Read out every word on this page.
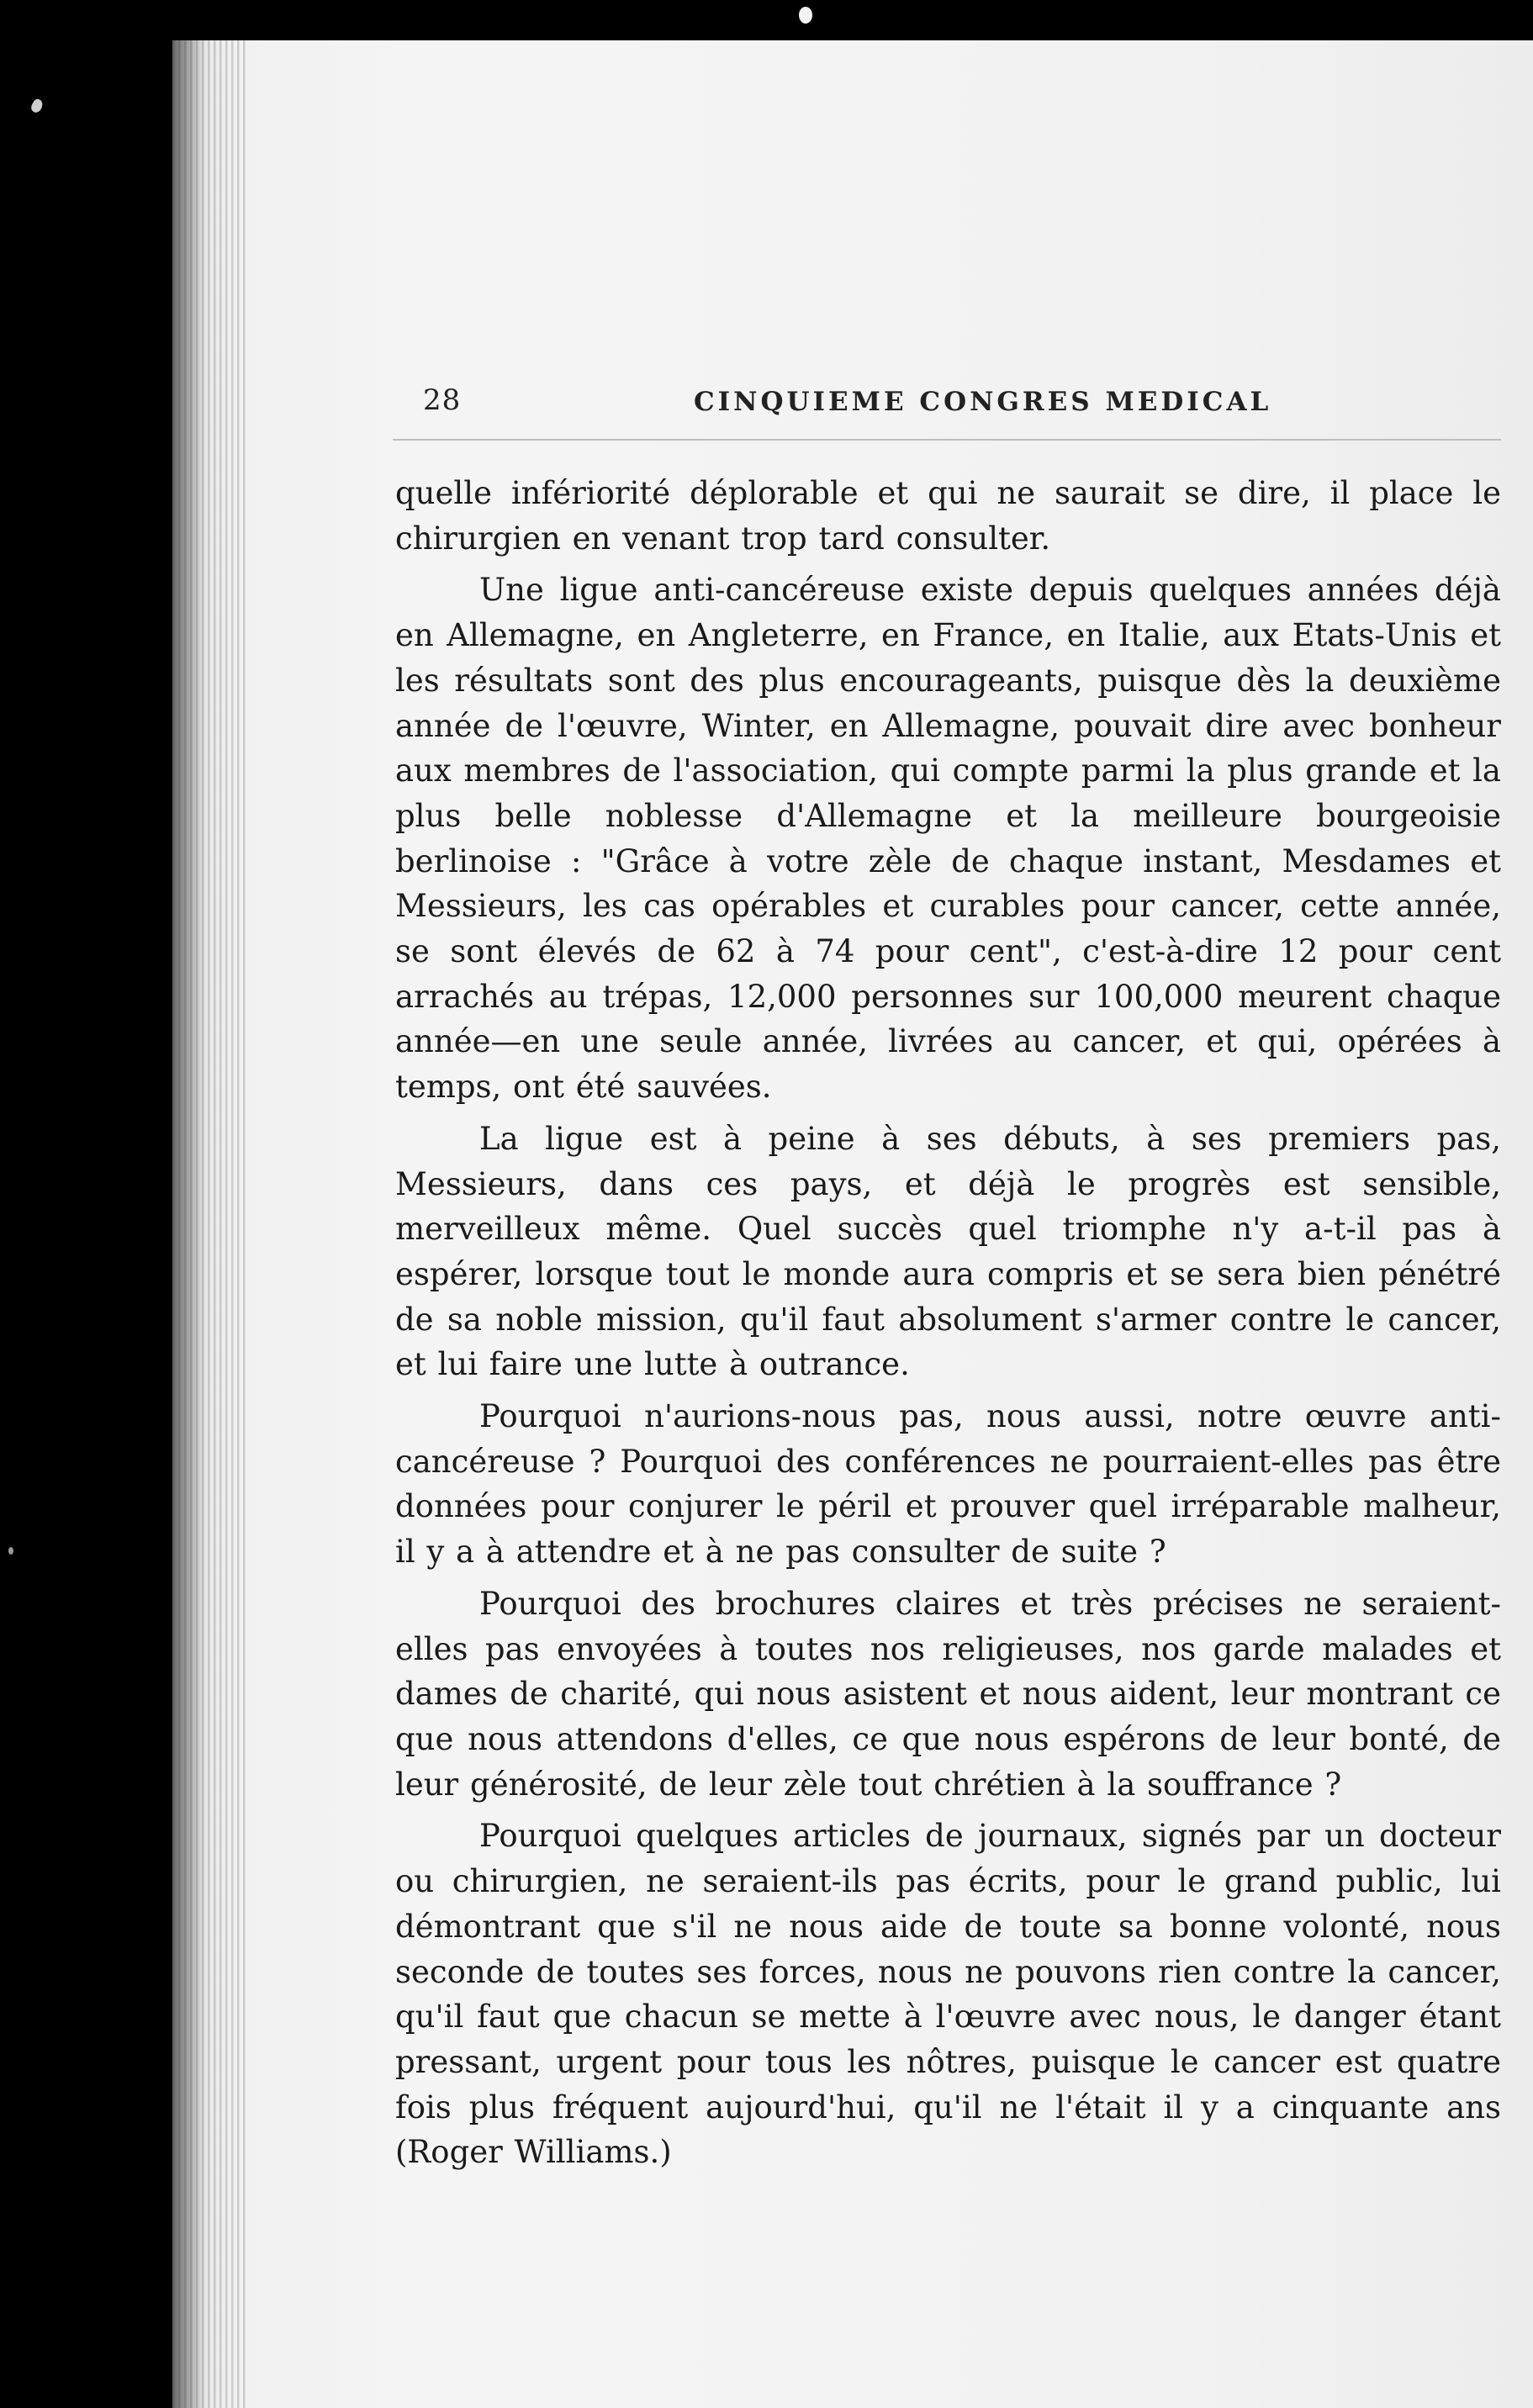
28	CINQUIEME CONGRES MEDICAL

quelle infériorité déplorable et qui ne saurait se dire, il place le chirurgien en venant trop tard consulter.

Une ligue anti-cancéreuse existe depuis quelques années déjà en Allemagne, en Angleterre, en France, en Italie, aux Etats-Unis et les résultats sont des plus encourageants, puisque dès la deuxième année de l'œuvre, Winter, en Allemagne, pouvait dire avec bonheur aux membres de l'association, qui compte parmi la plus grande et la plus belle noblesse d'Allemagne et la meilleure bourgeoisie berlinoise : "Grâce à votre zèle de chaque instant, Mesdames et Messieurs, les cas opérables et curables pour cancer, cette année, se sont élevés de 62 à 74 pour cent", c'est-à-dire 12 pour cent arrachés au trépas, 12,000 personnes sur 100,000 meurent chaque année—en une seule année, livrées au cancer, et qui, opérées à temps, ont été sauvées.

La ligue est à peine à ses débuts, à ses premiers pas, Messieurs, dans ces pays, et déjà le progrès est sensible, merveilleux même. Quel succès quel triomphe n'y a-t-il pas à espérer, lorsque tout le monde aura compris et se sera bien pénétré de sa noble mission, qu'il faut absolument s'armer contre le cancer, et lui faire une lutte à outrance.

Pourquoi n'aurions-nous pas, nous aussi, notre œuvre anti-cancéreuse ? Pourquoi des conférences ne pourraient-elles pas être données pour conjurer le péril et prouver quel irréparable malheur, il y a à attendre et à ne pas consulter de suite ?

Pourquoi des brochures claires et très précises ne seraient-elles pas envoyées à toutes nos religieuses, nos garde malades et dames de charité, qui nous asistent et nous aident, leur montrant ce que nous attendons d'elles, ce que nous espérons de leur bonté, de leur générosité, de leur zèle tout chrétien à la souffrance ?

Pourquoi quelques articles de journaux, signés par un docteur ou chirurgien, ne seraient-ils pas écrits, pour le grand public, lui démontrant que s'il ne nous aide de toute sa bonne volonté, nous seconde de toutes ses forces, nous ne pouvons rien contre la cancer, qu'il faut que chacun se mette à l'œuvre avec nous, le danger étant pressant, urgent pour tous les nôtres, puisque le cancer est quatre fois plus fréquent aujourd'hui, qu'il ne l'était il y a cinquante ans (Roger Williams.)
